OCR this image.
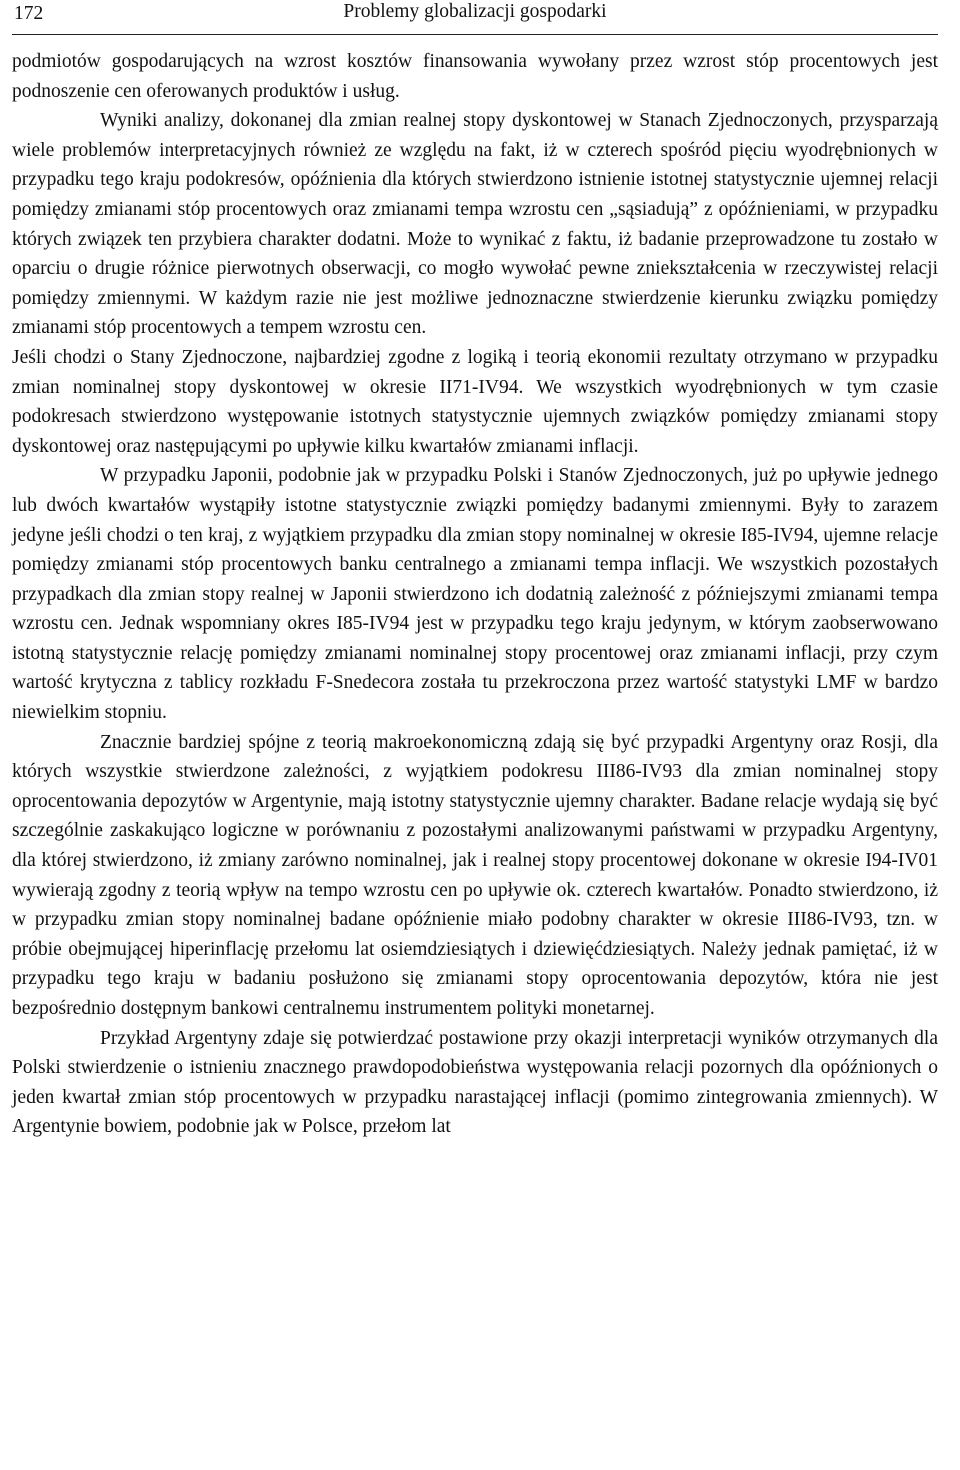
172	Problemy globalizacji gospodarki

podmiotów gospodarujących na wzrost kosztów finansowania wywołany przez wzrost stóp procentowych jest podnoszenie cen oferowanych produktów i usług.

Wyniki analizy, dokonanej dla zmian realnej stopy dyskontowej w Stanach Zjednoczonych, przysparzają wiele problemów interpretacyjnych również ze względu na fakt, iż w czterech spośród pięciu wyodrębnionych w przypadku tego kraju podokresów, opóźnienia dla których stwierdzono istnienie istotnej statystycznie ujemnej relacji pomiędzy zmianami stóp procentowych oraz zmianami tempa wzrostu cen „sąsiadują” z opóźnieniami, w przypadku których związek ten przybiera charakter dodatni. Może to wynikać z faktu, iż badanie przeprowadzone tu zostało w oparciu o drugie różnice pierwotnych obserwacji, co mogło wywołać pewne zniekształcenia w rzeczywistej relacji pomiędzy zmiennymi. W każdym razie nie jest możliwe jednoznaczne stwierdzenie kierunku związku pomiędzy zmianami stóp procentowych a tempem wzrostu cen.

Jeśli chodzi o Stany Zjednoczone, najbardziej zgodne z logiką i teorią ekonomii rezultaty otrzymano w przypadku zmian nominalnej stopy dyskontowej w okresie II71-IV94. We wszystkich wyodrębnionych w tym czasie podokresach stwierdzono występowanie istotnych statystycznie ujemnych związków pomiędzy zmianami stopy dyskontowej oraz następującymi po upływie kilku kwartałów zmianami inflacji.

W przypadku Japonii, podobnie jak w przypadku Polski i Stanów Zjednoczonych, już po upływie jednego lub dwóch kwartałów wystąpiły istotne statystycznie związki pomiędzy badanymi zmiennymi. Były to zarazem jedyne jeśli chodzi o ten kraj, z wyjątkiem przypadku dla zmian stopy nominalnej w okresie I85-IV94, ujemne relacje pomiędzy zmianami stóp procentowych banku centralnego a zmianami tempa inflacji. We wszystkich pozostałych przypadkach dla zmian stopy realnej w Japonii stwierdzono ich dodatnią zależność z późniejszymi zmianami tempa wzrostu cen. Jednak wspomniany okres I85-IV94 jest w przypadku tego kraju jedynym, w którym zaobserwowano istotną statystycznie relację pomiędzy zmianami nominalnej stopy procentowej oraz zmianami inflacji, przy czym wartość krytyczna z tablicy rozkładu F-Snedecora została tu przekroczona przez wartość statystyki LMF w bardzo niewielkim stopniu.

Znacznie bardziej spójne z teorią makroekonomiczną zdają się być przypadki Argentyny oraz Rosji, dla których wszystkie stwierdzone zależności, z wyjątkiem podokresu III86-IV93 dla zmian nominalnej stopy oprocentowania depozytów w Argentynie, mają istotny statystycznie ujemny charakter. Badane relacje wydają się być szczególnie zaskakująco logiczne w porównaniu z pozostałymi analizowanymi państwami w przypadku Argentyny, dla której stwierdzono, iż zmiany zarówno nominalnej, jak i realnej stopy procentowej dokonane w okresie I94-IV01 wywierają zgodny z teorią wpływ na tempo wzrostu cen po upływie ok. czterech kwartałów. Ponadto stwierdzono, iż w przypadku zmian stopy nominalnej badane opóźnienie miało podobny charakter w okresie III86-IV93, tzn. w próbie obejmującej hiperinflację przełomu lat osiemdziesiątych i dziewięćdziesiątych. Należy jednak pamiętać, iż w przypadku tego kraju w badaniu posłużono się zmianami stopy oprocentowania depozytów, która nie jest bezpośrednio dostępnym bankowi centralnemu instrumentem polityki monetarnej.

Przykład Argentyny zdaje się potwierdzać postawione przy okazji interpretacji wyników otrzymanych dla Polski stwierdzenie o istnieniu znacznego prawdopodobieństwa występowania relacji pozornych dla opóźnionych o jeden kwartał zmian stóp procentowych w przypadku narastającej inflacji (pomimo zintegrowania zmiennych). W Argentynie bowiem, podobnie jak w Polsce, przełom lat
